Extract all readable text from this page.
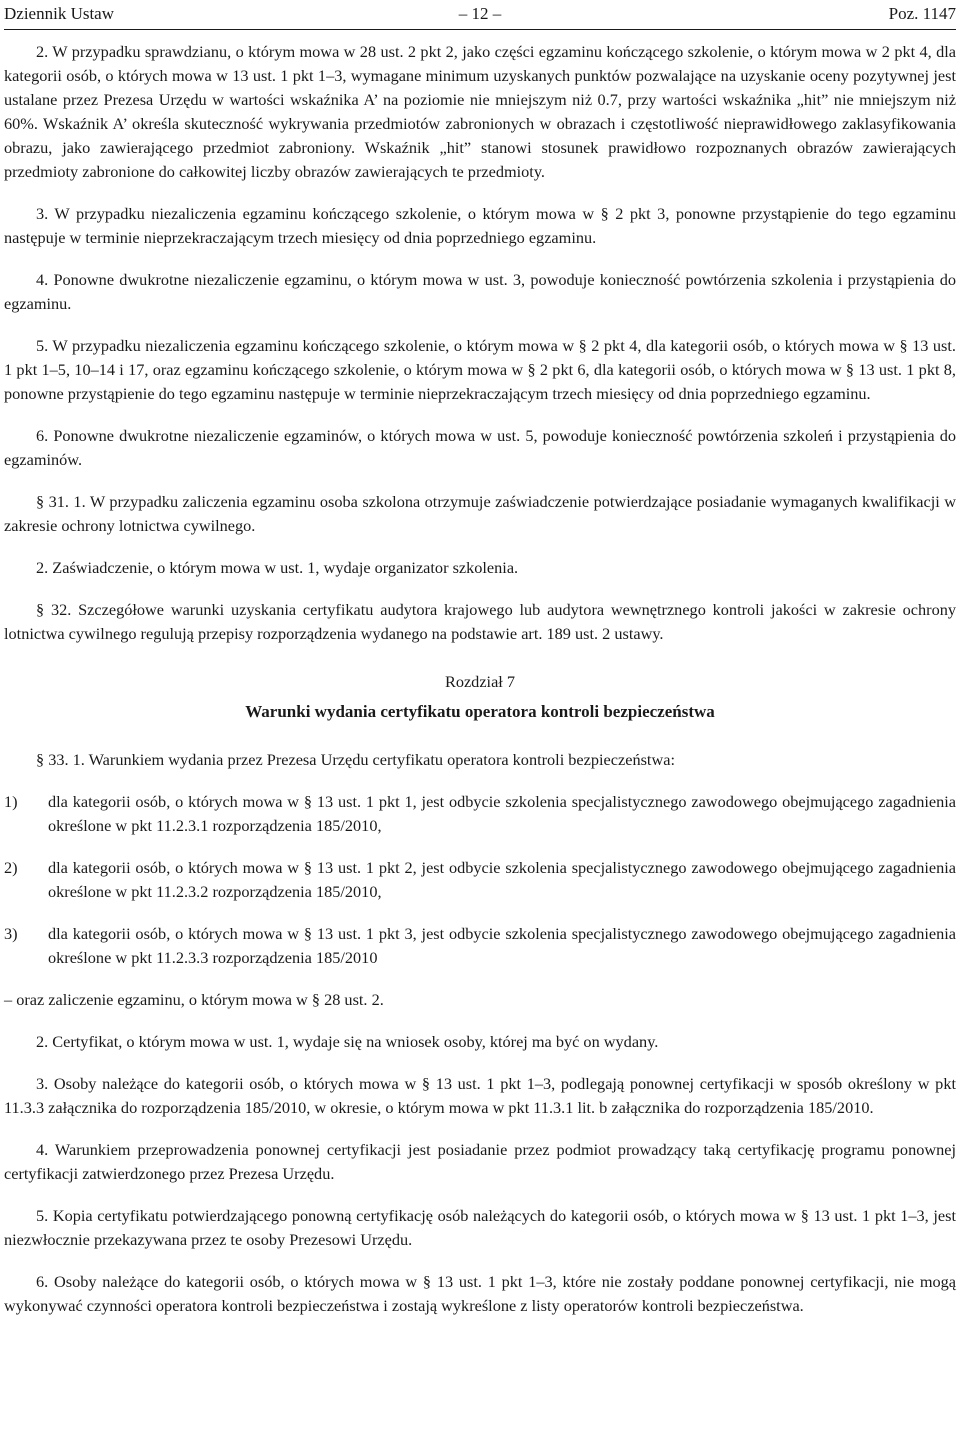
Dziennik Ustaw	– 12 –	Poz. 1147

2. W przypadku sprawdzianu, o którym mowa w 28 ust. 2 pkt 2, jako części egzaminu kończącego szkolenie, o którym mowa w 2 pkt 4, dla kategorii osób, o których mowa w 13 ust. 1 pkt 1–3, wymagane minimum uzyskanych punktów pozwalające na uzyskanie oceny pozytywnej jest ustalane przez Prezesa Urzędu w wartości wskaźnika A’ na poziomie nie mniejszym niż 0.7, przy wartości wskaźnika „hit” nie mniejszym niż 60%. Wskaźnik A’ określa skuteczność wykrywania przedmiotów zabronionych w obrazach i częstotliwość nieprawidłowego zaklasyfikowania obrazu, jako zawierającego przedmiot zabroniony. Wskaźnik „hit” stanowi stosunek prawidłowo rozpoznanych obrazów zawierających przedmioty zabronione do całkowitej liczby obrazów zawierających te przedmioty.

3. W przypadku niezaliczenia egzaminu kończącego szkolenie, o którym mowa w § 2 pkt 3, ponowne przystąpienie do tego egzaminu następuje w terminie nieprzekraczającym trzech miesięcy od dnia poprzedniego egzaminu.

4. Ponowne dwukrotne niezaliczenie egzaminu, o którym mowa w ust. 3, powoduje konieczność powtórzenia szkolenia i przystąpienia do egzaminu.

5. W przypadku niezaliczenia egzaminu kończącego szkolenie, o którym mowa w § 2 pkt 4, dla kategorii osób, o których mowa w § 13 ust. 1 pkt 1–5, 10–14 i 17, oraz egzaminu kończącego szkolenie, o którym mowa w § 2 pkt 6, dla kategorii osób, o których mowa w § 13 ust. 1 pkt 8, ponowne przystąpienie do tego egzaminu następuje w terminie nieprzekraczającym trzech miesięcy od dnia poprzedniego egzaminu.

6. Ponowne dwukrotne niezaliczenie egzaminów, o których mowa w ust. 5, powoduje konieczność powtórzenia szkoleń i przystąpienia do egzaminów.

§ 31. 1. W przypadku zaliczenia egzaminu osoba szkolona otrzymuje zaświadczenie potwierdzające posiadanie wymaganych kwalifikacji w zakresie ochrony lotnictwa cywilnego.

2. Zaświadczenie, o którym mowa w ust. 1, wydaje organizator szkolenia.

§ 32. Szczegółowe warunki uzyskania certyfikatu audytora krajowego lub audytora wewnętrznego kontroli jakości w zakresie ochrony lotnictwa cywilnego regulują przepisy rozporządzenia wydanego na podstawie art. 189 ust. 2 ustawy.

Rozdział 7

Warunki wydania certyfikatu operatora kontroli bezpieczeństwa

§ 33. 1. Warunkiem wydania przez Prezesa Urzędu certyfikatu operatora kontroli bezpieczeństwa:

1) dla kategorii osób, o których mowa w § 13 ust. 1 pkt 1, jest odbycie szkolenia specjalistycznego zawodowego obejmującego zagadnienia określone w pkt 11.2.3.1 rozporządzenia 185/2010,
2) dla kategorii osób, o których mowa w § 13 ust. 1 pkt 2, jest odbycie szkolenia specjalistycznego zawodowego obejmującego zagadnienia określone w pkt 11.2.3.2 rozporządzenia 185/2010,
3) dla kategorii osób, o których mowa w § 13 ust. 1 pkt 3, jest odbycie szkolenia specjalistycznego zawodowego obejmującego zagadnienia określone w pkt 11.2.3.3 rozporządzenia 185/2010

– oraz zaliczenie egzaminu, o którym mowa w § 28 ust. 2.

2. Certyfikat, o którym mowa w ust. 1, wydaje się na wniosek osoby, której ma być on wydany.

3. Osoby należące do kategorii osób, o których mowa w § 13 ust. 1 pkt 1–3, podlegają ponownej certyfikacji w sposób określony w pkt 11.3.3 załącznika do rozporządzenia 185/2010, w okresie, o którym mowa w pkt 11.3.1 lit. b załącznika do rozporządzenia 185/2010.

4. Warunkiem przeprowadzenia ponownej certyfikacji jest posiadanie przez podmiot prowadzący taką certyfikację programu ponownej certyfikacji zatwierdzonego przez Prezesa Urzędu.

5. Kopia certyfikatu potwierdzającego ponowną certyfikację osób należących do kategorii osób, o których mowa w § 13 ust. 1 pkt 1–3, jest niezwłocznie przekazywana przez te osoby Prezesowi Urzędu.

6. Osoby należące do kategorii osób, o których mowa w § 13 ust. 1 pkt 1–3, które nie zostały poddane ponownej certyfikacji, nie mogą wykonywać czynności operatora kontroli bezpieczeństwa i zostają wykreślone z listy operatorów kontroli bezpieczeństwa.
